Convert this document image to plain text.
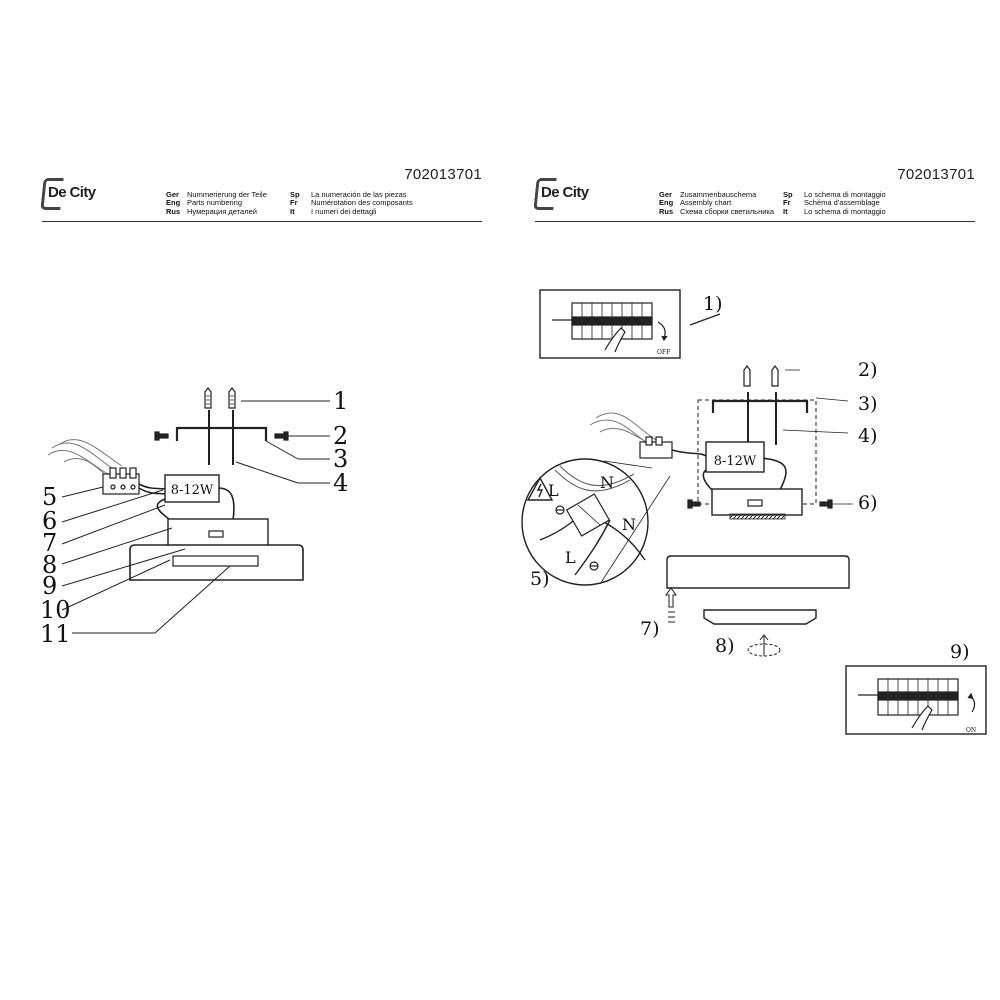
De City
702013701
Ger Nummerierung der Teile	Sp La numeración de las piezas
Eng Parts numbering	Fr Numérotation des composants
Rus Нумерация деталей	It I numeri dei dettagli
De City
702013701
Ger Zusammenbauschema	Sp Lo schema di montaggio
Eng Assembly chart	Fr Schéma d'assemblage
Rus Схема сборки светильника	It Lo schema di montaggio
1
2
3
4
5
6
7
8
9
10
11
8-12W
OFF
8-12W
N
N
L
L
ON
1)
2)
3)
4)
5)
6)
7)
8)	9)
